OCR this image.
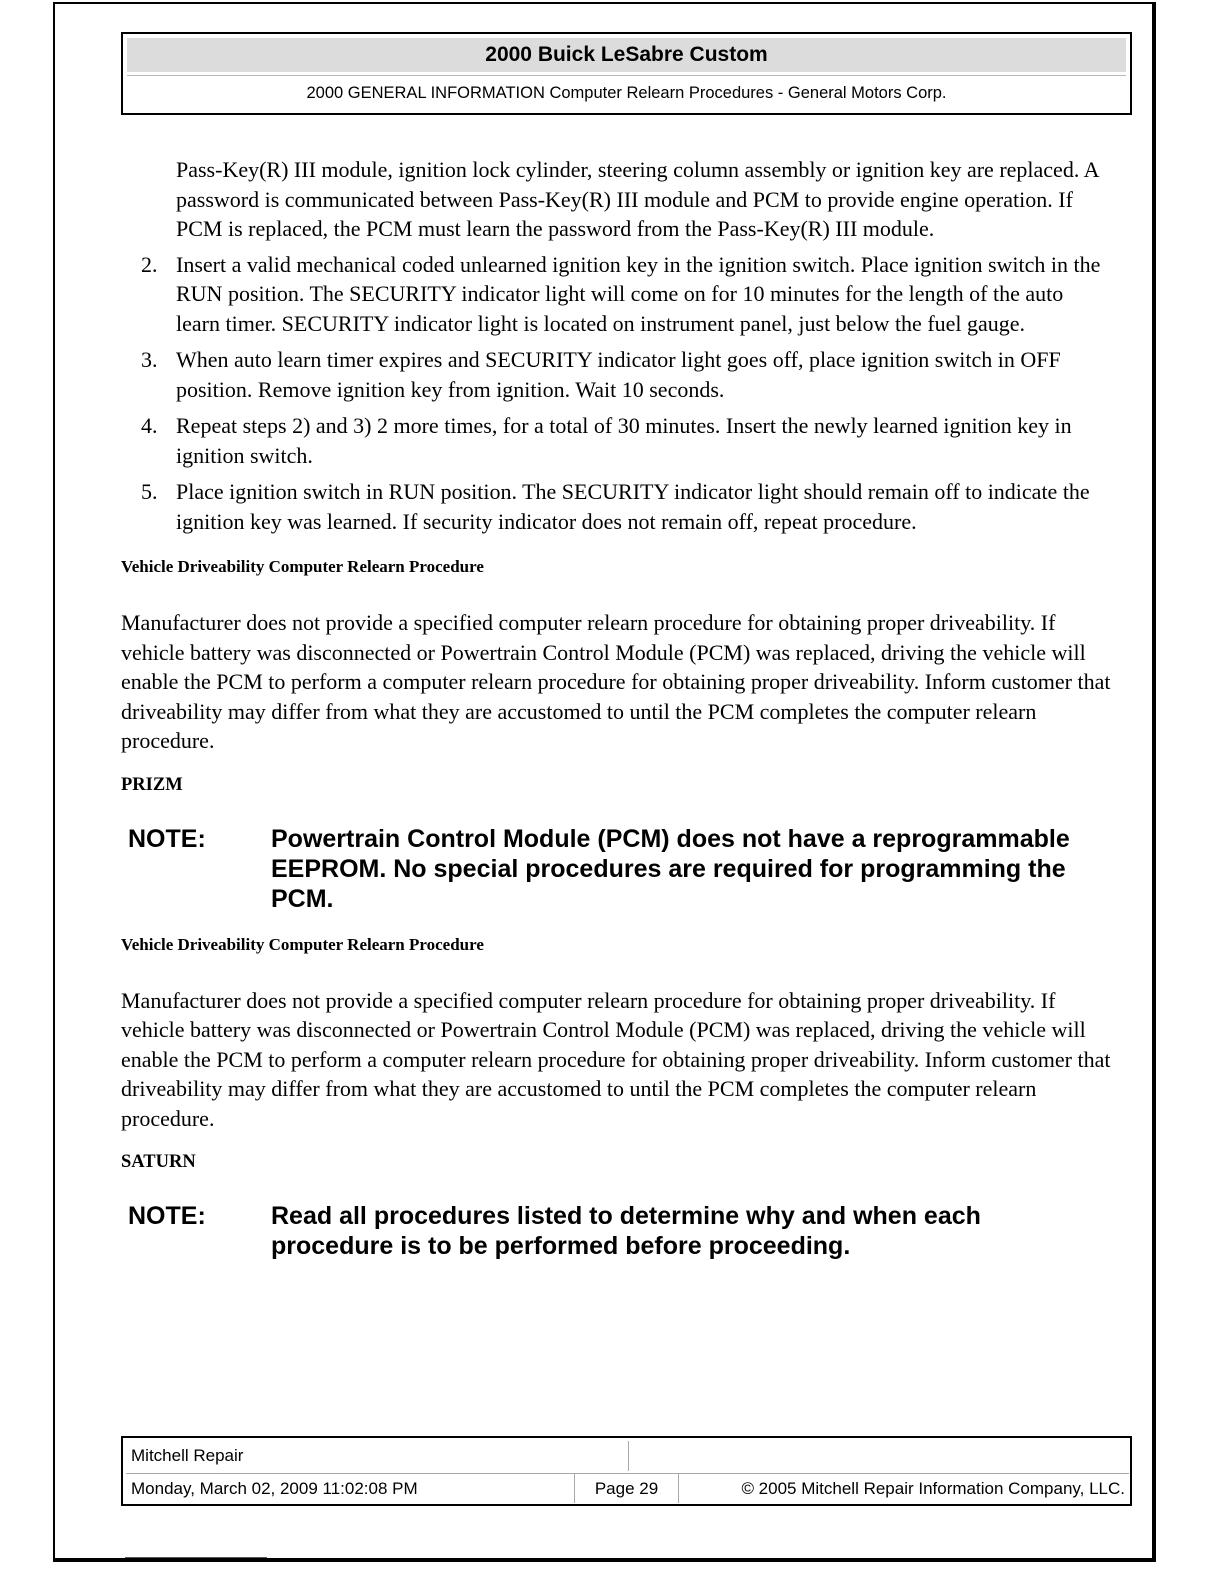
2000 Buick LeSabre Custom
2000 GENERAL INFORMATION Computer Relearn Procedures - General Motors Corp.
Pass-Key(R) III module, ignition lock cylinder, steering column assembly or ignition key are replaced. A password is communicated between Pass-Key(R) III module and PCM to provide engine operation. If PCM is replaced, the PCM must learn the password from the Pass-Key(R) III module.
2. Insert a valid mechanical coded unlearned ignition key in the ignition switch. Place ignition switch in the RUN position. The SECURITY indicator light will come on for 10 minutes for the length of the auto learn timer. SECURITY indicator light is located on instrument panel, just below the fuel gauge.
3. When auto learn timer expires and SECURITY indicator light goes off, place ignition switch in OFF position. Remove ignition key from ignition. Wait 10 seconds.
4. Repeat steps 2) and 3) 2 more times, for a total of 30 minutes. Insert the newly learned ignition key in ignition switch.
5. Place ignition switch in RUN position. The SECURITY indicator light should remain off to indicate the ignition key was learned. If security indicator does not remain off, repeat procedure.
Vehicle Driveability Computer Relearn Procedure

Manufacturer does not provide a specified computer relearn procedure for obtaining proper driveability. If vehicle battery was disconnected or Powertrain Control Module (PCM) was replaced, driving the vehicle will enable the PCM to perform a computer relearn procedure for obtaining proper driveability. Inform customer that driveability may differ from what they are accustomed to until the PCM completes the computer relearn procedure.

PRIZM
NOTE:	Powertrain Control Module (PCM) does not have a reprogrammable EEPROM. No special procedures are required for programming the PCM.
Vehicle Driveability Computer Relearn Procedure

Manufacturer does not provide a specified computer relearn procedure for obtaining proper driveability. If vehicle battery was disconnected or Powertrain Control Module (PCM) was replaced, driving the vehicle will enable the PCM to perform a computer relearn procedure for obtaining proper driveability. Inform customer that driveability may differ from what they are accustomed to until the PCM completes the computer relearn procedure.

SATURN
NOTE:	Read all procedures listed to determine why and when each procedure is to be performed before proceeding.
Mitchell Repair
Monday, March 02, 2009 11:02:08 PM	Page 29	© 2005 Mitchell Repair Information Company, LLC.
